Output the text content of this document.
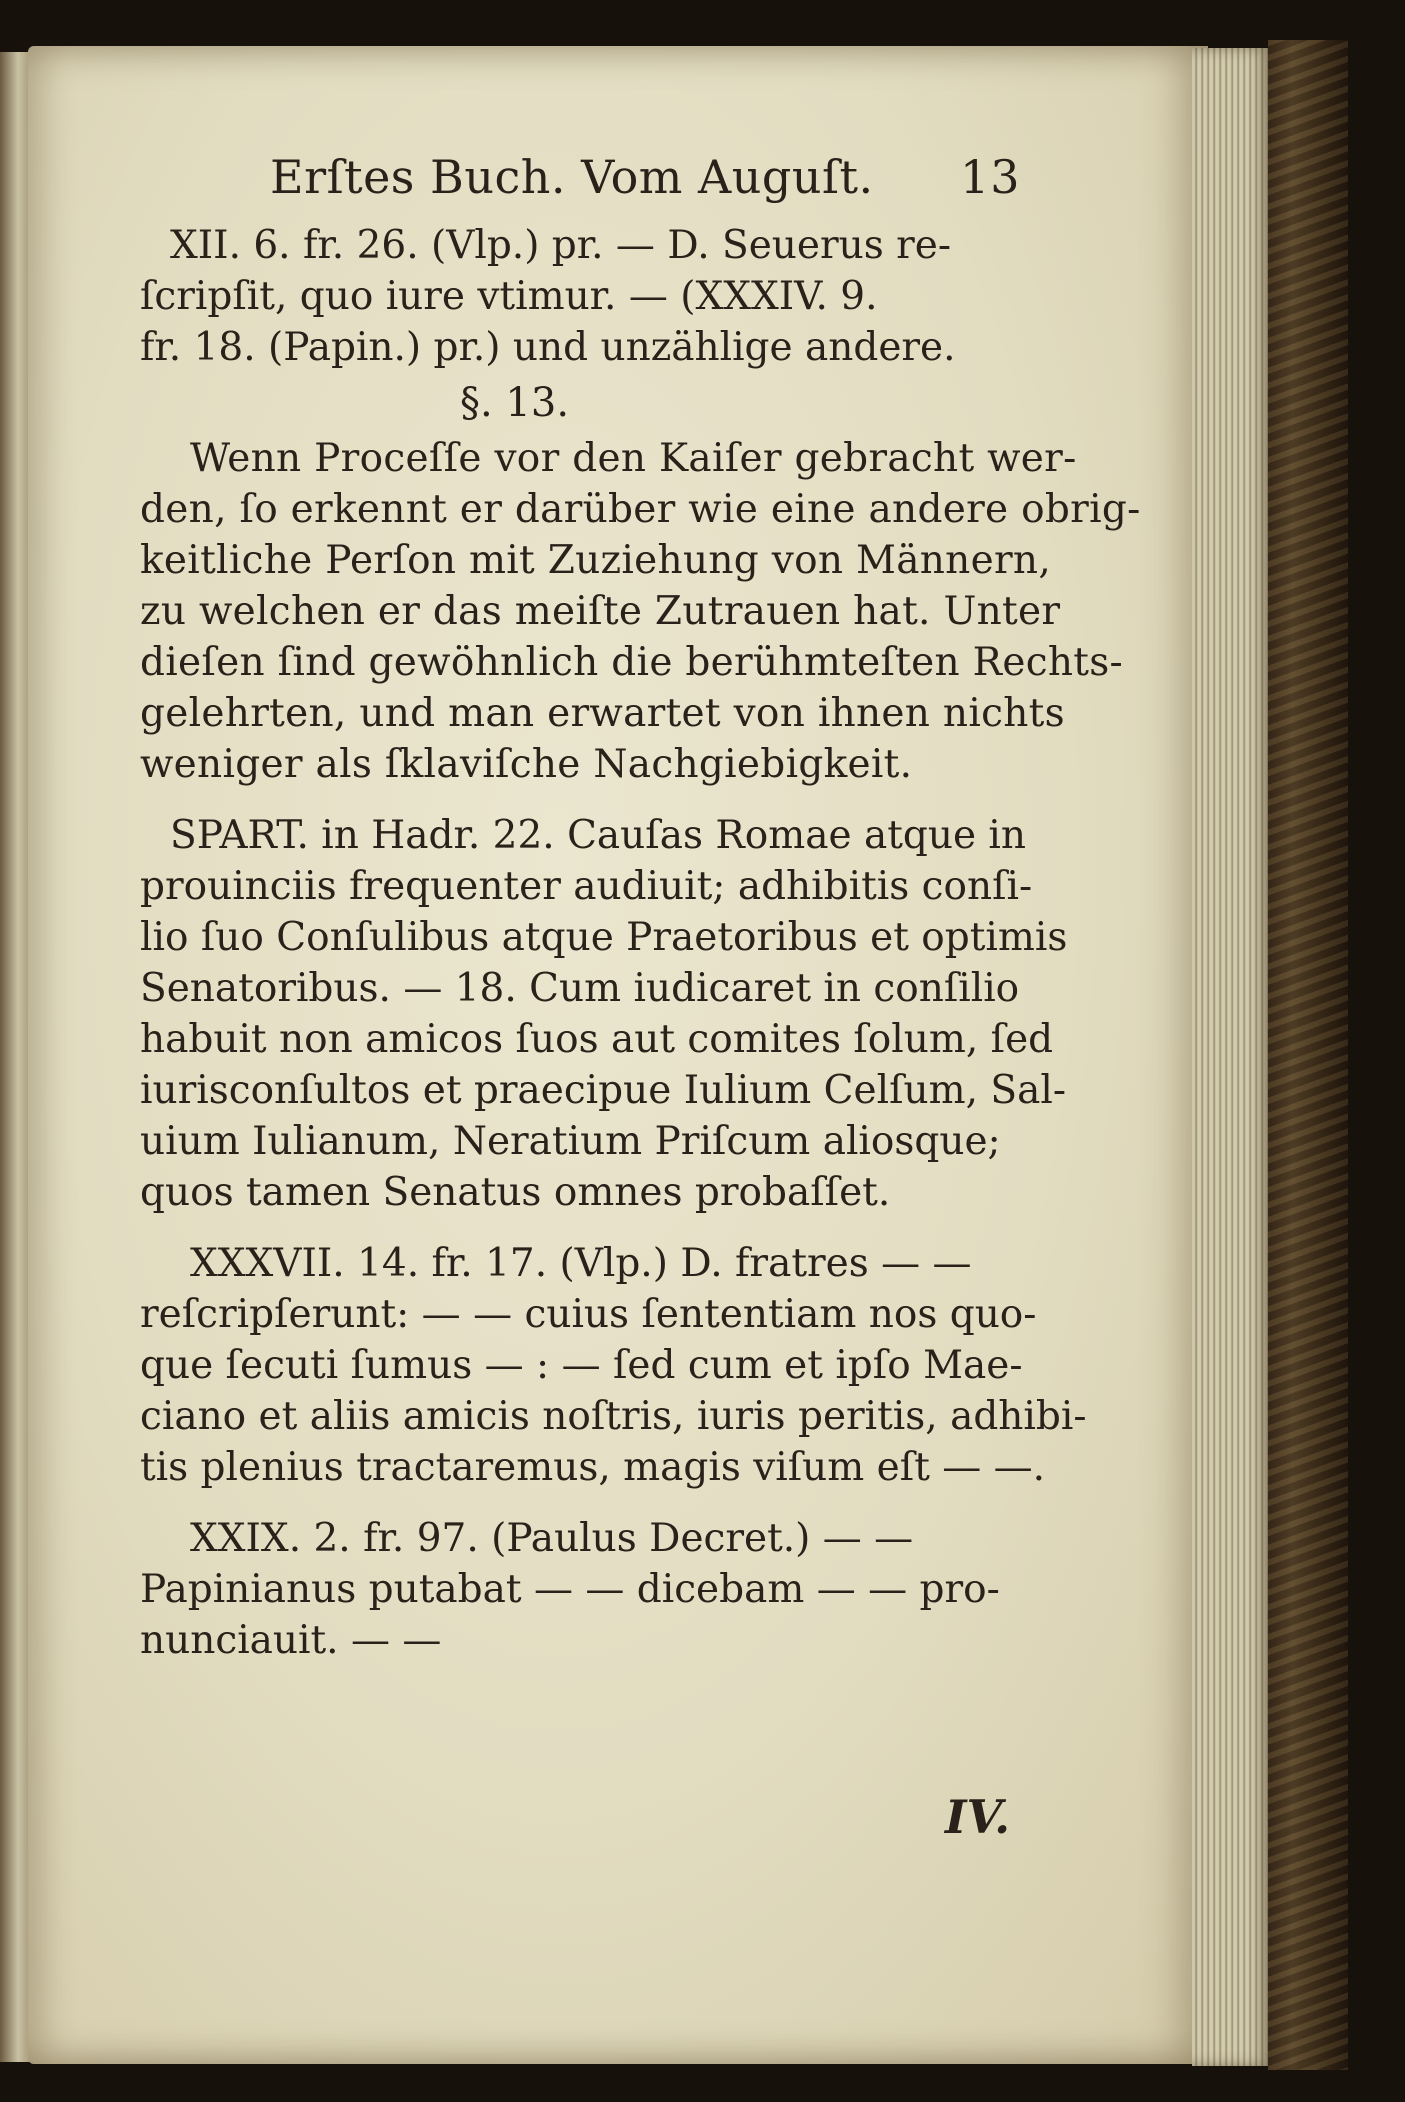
Erſtes Buch. Vom Auguſt. 13
XII. 6. fr. 26. (Vlp.) pr. — D. Seuerus re-
ſcripſit, quo iure vtimur. — (XXXIV. 9.
fr. 18. (Papin.) pr.) und unzählige andere.
§. 13.
Wenn Proceſſe vor den Kaiſer gebracht wer-
den, ſo erkennt er darüber wie eine andere obrig-
keitliche Perſon mit Zuziehung von Männern,
zu welchen er das meiſte Zutrauen hat. Unter
dieſen ſind gewöhnlich die berühmteſten Rechts-
gelehrten, und man erwartet von ihnen nichts
weniger als ſklaviſche Nachgiebigkeit.
SPART. in Hadr. 22. Cauſas Romae atque in
prouinciis frequenter audiuit; adhibitis conſi-
lio ſuo Conſulibus atque Praetoribus et optimis
Senatoribus. — 18. Cum iudicaret in conſilio
habuit non amicos ſuos aut comites ſolum, ſed
iurisconſultos et praecipue Iulium Celſum, Sal-
uium Iulianum, Neratium Priſcum aliosque;
quos tamen Senatus omnes probaſſet.
XXXVII. 14. fr. 17. (Vlp.) D. fratres — —
reſcripſerunt: — — cuius ſententiam nos quo-
que ſecuti ſumus — : — ſed cum et ipſo Mae-
ciano et aliis amicis noſtris, iuris peritis, adhibi-
tis plenius tractaremus, magis viſum eſt — —.
XXIX. 2. fr. 97. (Paulus Decret.) — —
Papinianus putabat — — dicebam — — pro-
nunciauit. — —
IV.
